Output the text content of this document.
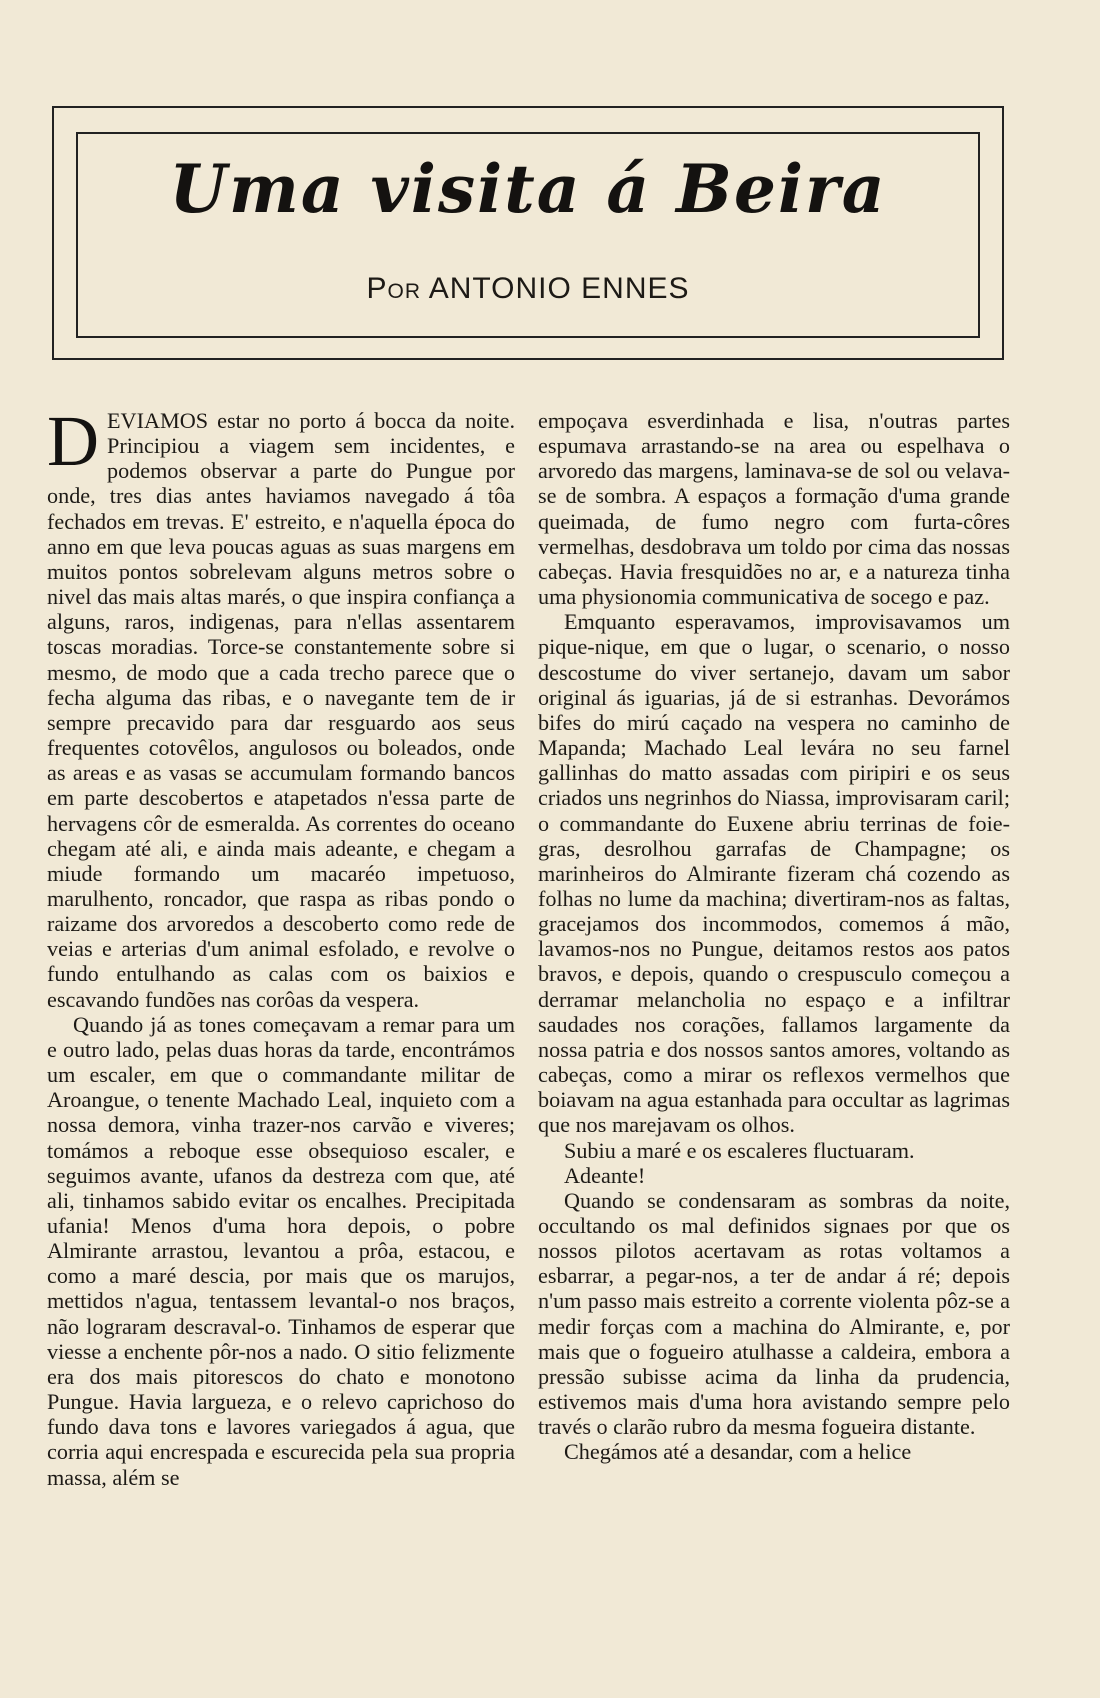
Uma visita á Beira
Por ANTONIO ENNES

DEVIAMOS estar no porto á bocca da noite. Principiou a viagem sem incidentes, e podemos observar a parte do Pungue por onde, tres dias antes haviamos navegado á tôa fechados em trevas. E' estreito, e n'aquella época do anno em que leva poucas aguas as suas margens em muitos pontos sobrelevam alguns metros sobre o nivel das mais altas marés, o que inspira confiança a alguns, raros, indigenas, para n'ellas assentarem toscas moradias. Torce-se constantemente sobre si mesmo, de modo que a cada trecho parece que o fecha alguma das ribas, e o navegante tem de ir sempre precavido para dar resguardo aos seus frequentes cotovêlos, angulosos ou boleados, onde as areas e as vasas se accumulam formando bancos em parte descobertos e atapetados n'essa parte de hervagens côr de esmeralda. As correntes do oceano chegam até ali, e ainda mais adeante, e chegam a miude formando um macaréo impetuoso, marulhento, roncador, que raspa as ribas pondo o raizame dos arvoredos a descoberto como rede de veias e arterias d'um animal esfolado, e revolve o fundo entulhando as calas com os baixios e escavando fundões nas corôas da vespera.

Quando já as tones começavam a remar para um e outro lado, pelas duas horas da tarde, encontrámos um escaler, em que o commandante militar de Aroangue, o tenente Machado Leal, inquieto com a nossa demora, vinha trazer-nos carvão e viveres; tomámos a reboque esse obsequioso escaler, e seguimos avante, ufanos da destreza com que, até ali, tinhamos sabido evitar os encalhes. Precipitada ufania! Menos d'uma hora depois, o pobre Almirante arrastou, levantou a prôa, estacou, e como a maré descia, por mais que os marujos, mettidos n'agua, tentassem levantal-o nos braços, não lograram descraval-o. Tinhamos de esperar que viesse a enchente pôr-nos a nado. O sitio felizmente era dos mais pitorescos do chato e monotono Pungue. Havia largueza, e o relevo caprichoso do fundo dava tons e lavores variegados á agua, que corria aqui encrespada e escurecida pela sua propria massa, além se

empoçava esverdinhada e lisa, n'outras partes espumava arrastando-se na area ou espelhava o arvoredo das margens, laminava-se de sol ou velava-se de sombra. A espaços a formação d'uma grande queimada, de fumo negro com furta-côres vermelhas, desdobrava um toldo por cima das nossas cabeças. Havia fresquidões no ar, e a natureza tinha uma physionomia communicativa de socego e paz.

Emquanto esperavamos, improvisavamos um pique-nique, em que o lugar, o scenario, o nosso descostume do viver sertanejo, davam um sabor original ás iguarias, já de si estranhas. Devorámos bifes do mirú caçado na vespera no caminho de Mapanda; Machado Leal levára no seu farnel gallinhas do matto assadas com piripiri e os seus criados uns negrinhos do Niassa, improvisaram caril; o commandante do Euxene abriu terrinas de foie-gras, desrolhou garrafas de Champagne; os marinheiros do Almirante fizeram chá cozendo as folhas no lume da machina; divertiram-nos as faltas, gracejamos dos incommodos, comemos á mão, lavamos-nos no Pungue, deitamos restos aos patos bravos, e depois, quando o crespusculo começou a derramar melancholia no espaço e a infiltrar saudades nos corações, fallamos largamente da nossa patria e dos nossos santos amores, voltando as cabeças, como a mirar os reflexos vermelhos que boiavam na agua estanhada para occultar as lagrimas que nos marejavam os olhos.

Subiu a maré e os escaleres fluctuaram.

Adeante!

Quando se condensaram as sombras da noite, occultando os mal definidos signaes por que os nossos pilotos acertavam as rotas voltamos a esbarrar, a pegar-nos, a ter de andar á ré; depois n'um passo mais estreito a corrente violenta pôz-se a medir forças com a machina do Almirante, e, por mais que o fogueiro atulhasse a caldeira, embora a pressão subisse acima da linha da prudencia, estivemos mais d'uma hora avistando sempre pelo través o clarão rubro da mesma fogueira distante.

Chegámos até a desandar, com a helice
